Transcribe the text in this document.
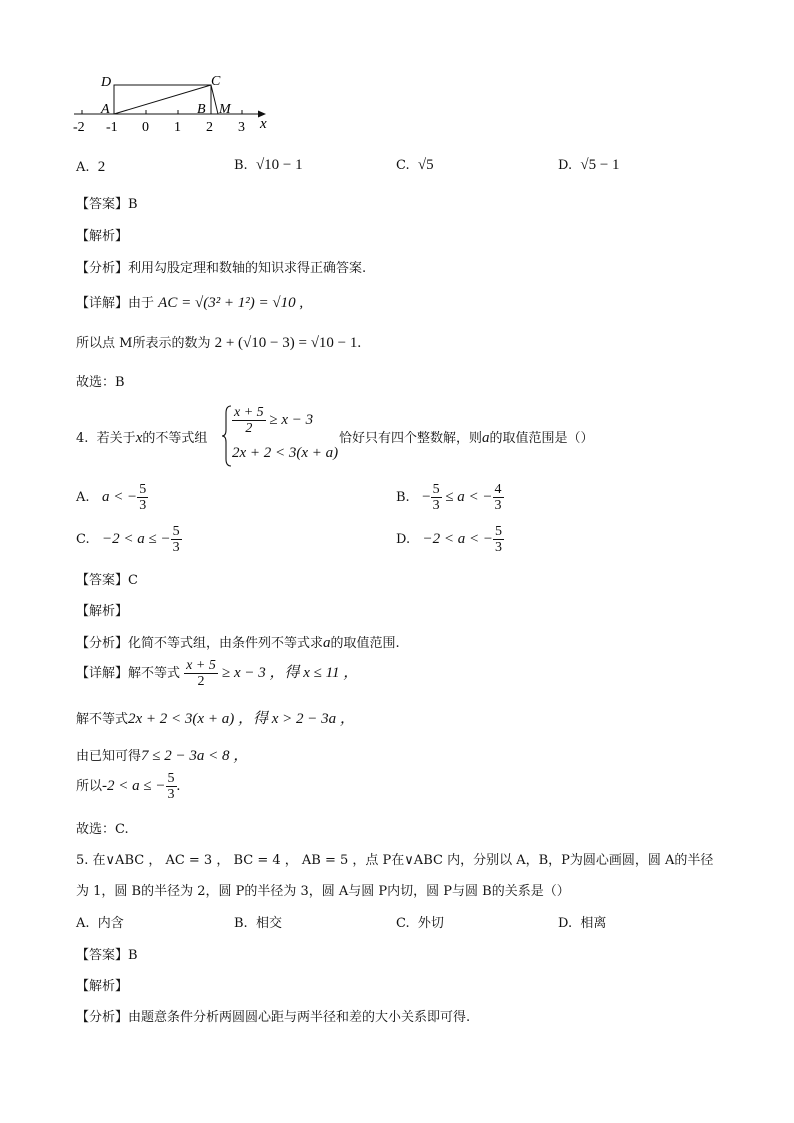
D	C
A	B M
-2 -1 0 1 2 3 x
A. 2	B. √10 − 1	C. √5	D. √5 − 1
【答案】B
【解析】
【分析】利用勾股定理和数轴的知识求得正确答案.
【详解】由于 AC = √(3² + 1²) = √10 ,
所以点 M所表示的数为 2 + (√10 − 3) = √10 − 1.
故选：B
4. 若关于x的不等式组
$\frac{x + 5}{2} \ge x - 3$
2x + 2 < 3(x + a)
恰好只有四个整数解，则a的取值范围是（）
A. a < − $\frac{5}{3}$	B. − $\frac{5}{3} \le a$ < − $\frac{4}{3}$
C. −2 < a ≤ − $\frac{5}{3}$	D. −2 < a < − $\frac{5}{3}$
【答案】C
【解析】
【分析】化简不等式组，由条件列不等式求a的取值范围.
【详解】解不等式 $\frac{x + 5}{2} \ge x - 3$ ，得 x ≤ 11 ，
解不等式2x + 2 < 3(x + a) ，得 x > 2 − 3a ，
由已知可得7 ≤ 2 − 3a < 8 ，
所以-2 < a ≤ − $\frac{5}{3}$ .
故选：C.
5. 在∨ABC ， AC = 3 ， BC = 4 ， AB = 5 ，点 P在∨ABC 内，分别以 A，B，P为圆心画圆，圆 A的半径
为 1，圆 B的半径为 2，圆 P的半径为 3，圆 A与圆 P内切，圆 P与圆 B的关系是（）
A. 内含	B. 相交	C. 外切	D. 相离
【答案】B
【解析】
【分析】由题意条件分析两圆圆心距与两半径和差的大小关系即可得.
